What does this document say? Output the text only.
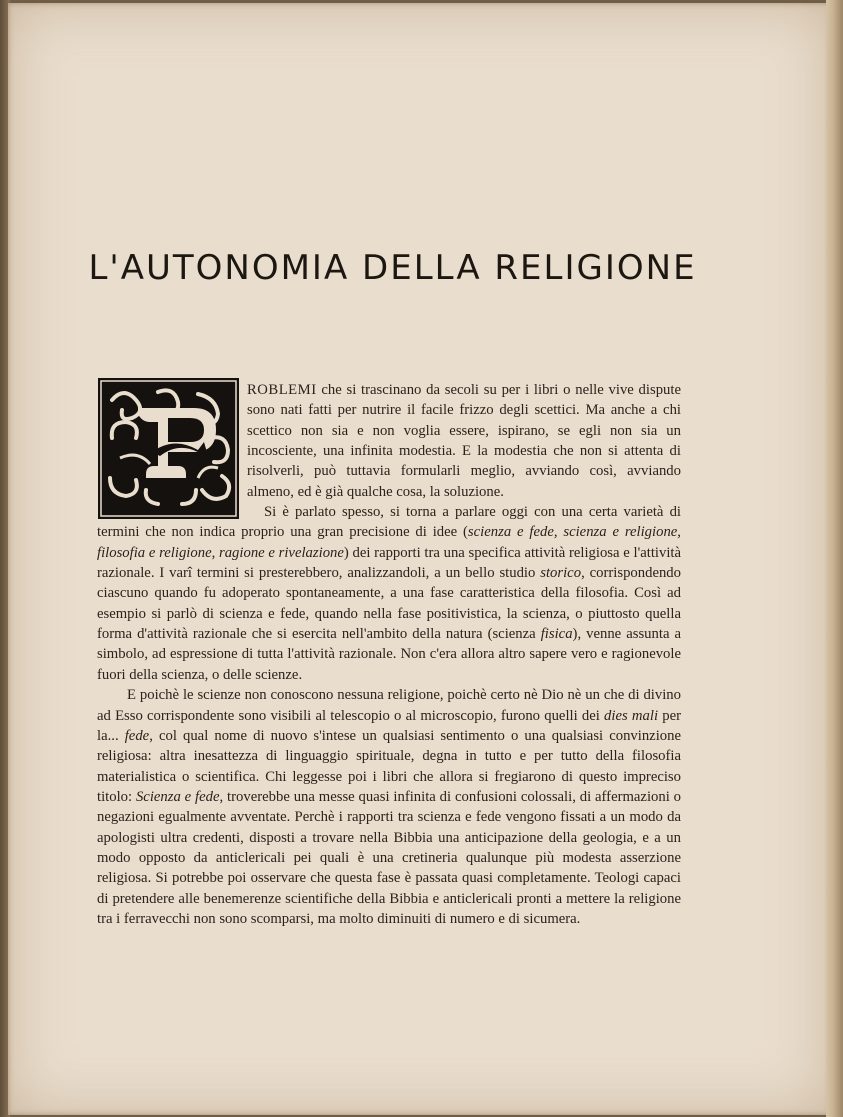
L'AUTONOMIA DELLA RELIGIONE

ROBLEMI che si trascinano da secoli su per i libri o nelle vive dispute sono nati fatti per nutrire il facile frizzo degli scettici. Ma anche a chi scettico non sia e non voglia essere, ispirano, se egli non sia un incosciente, una infinita modestia. E la modestia che non si attenta di risolverli, può tuttavia formularli meglio, avviando così, avviando almeno, ed è già qualche cosa, la soluzione.

Si è parlato spesso, si torna a parlare oggi con una certa varietà di termini che non indica proprio una gran precisione di idee (scienza e fede, scienza e religione, filosofia e religione, ragione e rivelazione) dei rapporti tra una specifica attività religiosa e l'attività razionale. I varî termini si presterebbero, analizzandoli, a un bello studio storico, corrispondendo ciascuno quando fu adoperato spontaneamente, a una fase caratteristica della filosofia. Così ad esempio si parlò di scienza e fede, quando nella fase positivistica, la scienza, o piuttosto quella forma d'attività razionale che si esercita nell'ambito della natura (scienza fisica), venne assunta a simbolo, ad espressione di tutta l'attività razionale. Non c'era allora altro sapere vero e ragionevole fuori della scienza, o delle scienze.

E poichè le scienze non conoscono nessuna religione, poichè certo nè Dio nè un che di divino ad Esso corrispondente sono visibili al telescopio o al microscopio, furono quelli dei dies mali per la... fede, col qual nome di nuovo s'intese un qualsiasi sentimento o una qualsiasi convinzione religiosa: altra inesattezza di linguaggio spirituale, degna in tutto e per tutto della filosofia materialistica o scientifica. Chi leggesse poi i libri che allora si fregiarono di questo impreciso titolo: Scienza e fede, troverebbe una messe quasi infinita di confusioni colossali, di affermazioni o negazioni egualmente avventate. Perchè i rapporti tra scienza e fede vengono fissati a un modo da apologisti ultra credenti, disposti a trovare nella Bibbia una anticipazione della geologia, e a un modo opposto da anticlericali pei quali è una cretineria qualunque più modesta asserzione religiosa. Si potrebbe poi osservare che questa fase è passata quasi completamente. Teologi capaci di pretendere alle benemerenze scientifiche della Bibbia e anticlericali pronti a mettere la religione tra i ferravecchi non sono scomparsi, ma molto diminuiti di numero e di sicumera.
